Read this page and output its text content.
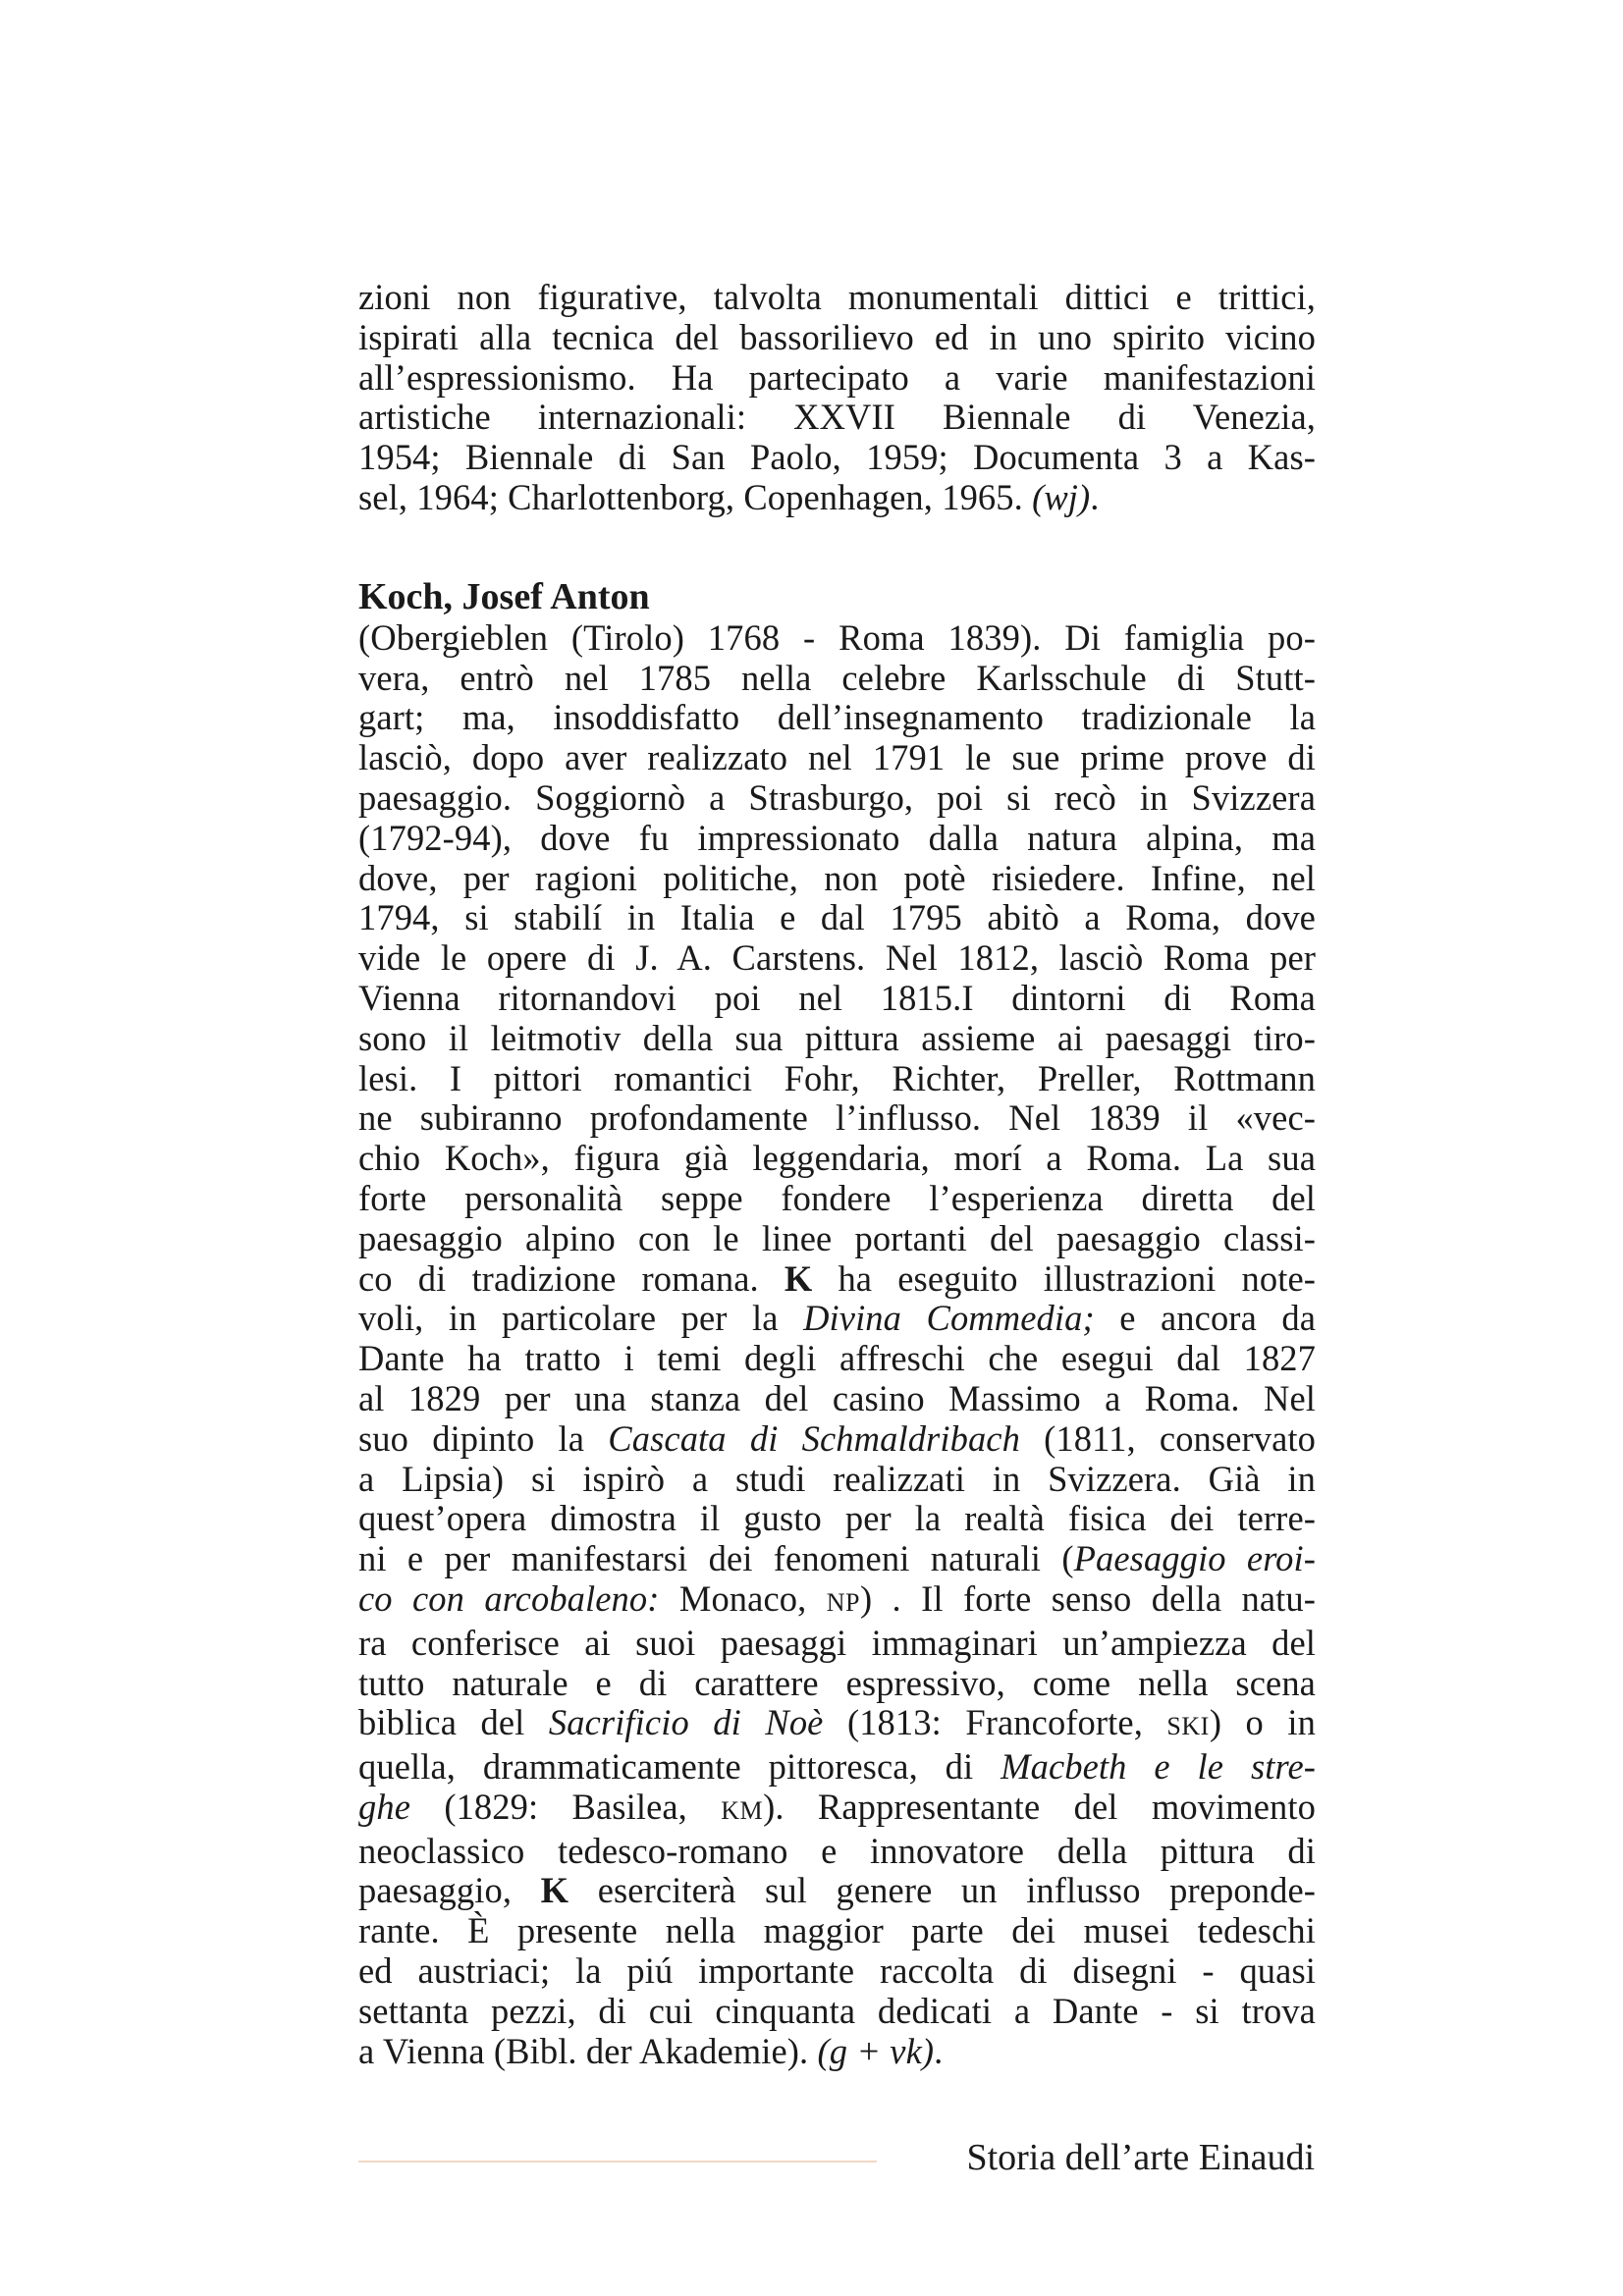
zioni non figurative, talvolta monumentali dittici e trittici,
ispirati alla tecnica del bassorilievo ed in uno spirito vicino
all’espressionismo. Ha partecipato a varie manifestazioni
artistiche internazionali: XXVII Biennale di Venezia,
1954; Biennale di San Paolo, 1959; Documenta 3 a Kas-
sel, 1964; Charlottenborg, Copenhagen, 1965. (wj).

Koch, Josef Anton

(Obergieblen (Tirolo) 1768 - Roma 1839). Di famiglia po-
vera, entrò nel 1785 nella celebre Karlsschule di Stutt-
gart; ma, insoddisfatto dell’insegnamento tradizionale la
lasciò, dopo aver realizzato nel 1791 le sue prime prove di
paesaggio. Soggiornò a Strasburgo, poi si recò in Svizzera
(1792-94), dove fu impressionato dalla natura alpina, ma
dove, per ragioni politiche, non potè risiedere. Infine, nel
1794, si stabilí in Italia e dal 1795 abitò a Roma, dove
vide le opere di J. A. Carstens. Nel 1812, lasciò Roma per
Vienna ritornandovi poi nel 1815.I dintorni di Roma
sono il leitmotiv della sua pittura assieme ai paesaggi tiro-
lesi. I pittori romantici Fohr, Richter, Preller, Rottmann
ne subiranno profondamente l’influsso. Nel 1839 il «vec-
chio Koch», figura già leggendaria, morí a Roma. La sua
forte personalità seppe fondere l’esperienza diretta del
paesaggio alpino con le linee portanti del paesaggio classi-
co di tradizione romana. K ha eseguito illustrazioni note-
voli, in particolare per la Divina Commedia; e ancora da
Dante ha tratto i temi degli affreschi che esegui dal 1827
al 1829 per una stanza del casino Massimo a Roma. Nel
suo dipinto la Cascata di Schmaldribach (1811, conservato
a Lipsia) si ispirò a studi realizzati in Svizzera. Già in
quest’opera dimostra il gusto per la realtà fisica dei terre-
ni e per manifestarsi dei fenomeni naturali (Paesaggio eroi-
co con arcobaleno: Monaco, NP) . Il forte senso della natu-
ra conferisce ai suoi paesaggi immaginari un’ampiezza del
tutto naturale e di carattere espressivo, come nella scena
biblica del Sacrificio di Noè (1813: Francoforte, SKI) o in
quella, drammaticamente pittoresca, di Macbeth e le stre-
ghe (1829: Basilea, KM). Rappresentante del movimento
neoclassico tedesco-romano e innovatore della pittura di
paesaggio, K eserciterà sul genere un influsso preponde-
rante. È presente nella maggior parte dei musei tedeschi
ed austriaci; la piú importante raccolta di disegni - quasi
settanta pezzi, di cui cinquanta dedicati a Dante - si trova
a Vienna (Bibl. der Akademie). (g + vk).

Storia dell’arte Einaudi
